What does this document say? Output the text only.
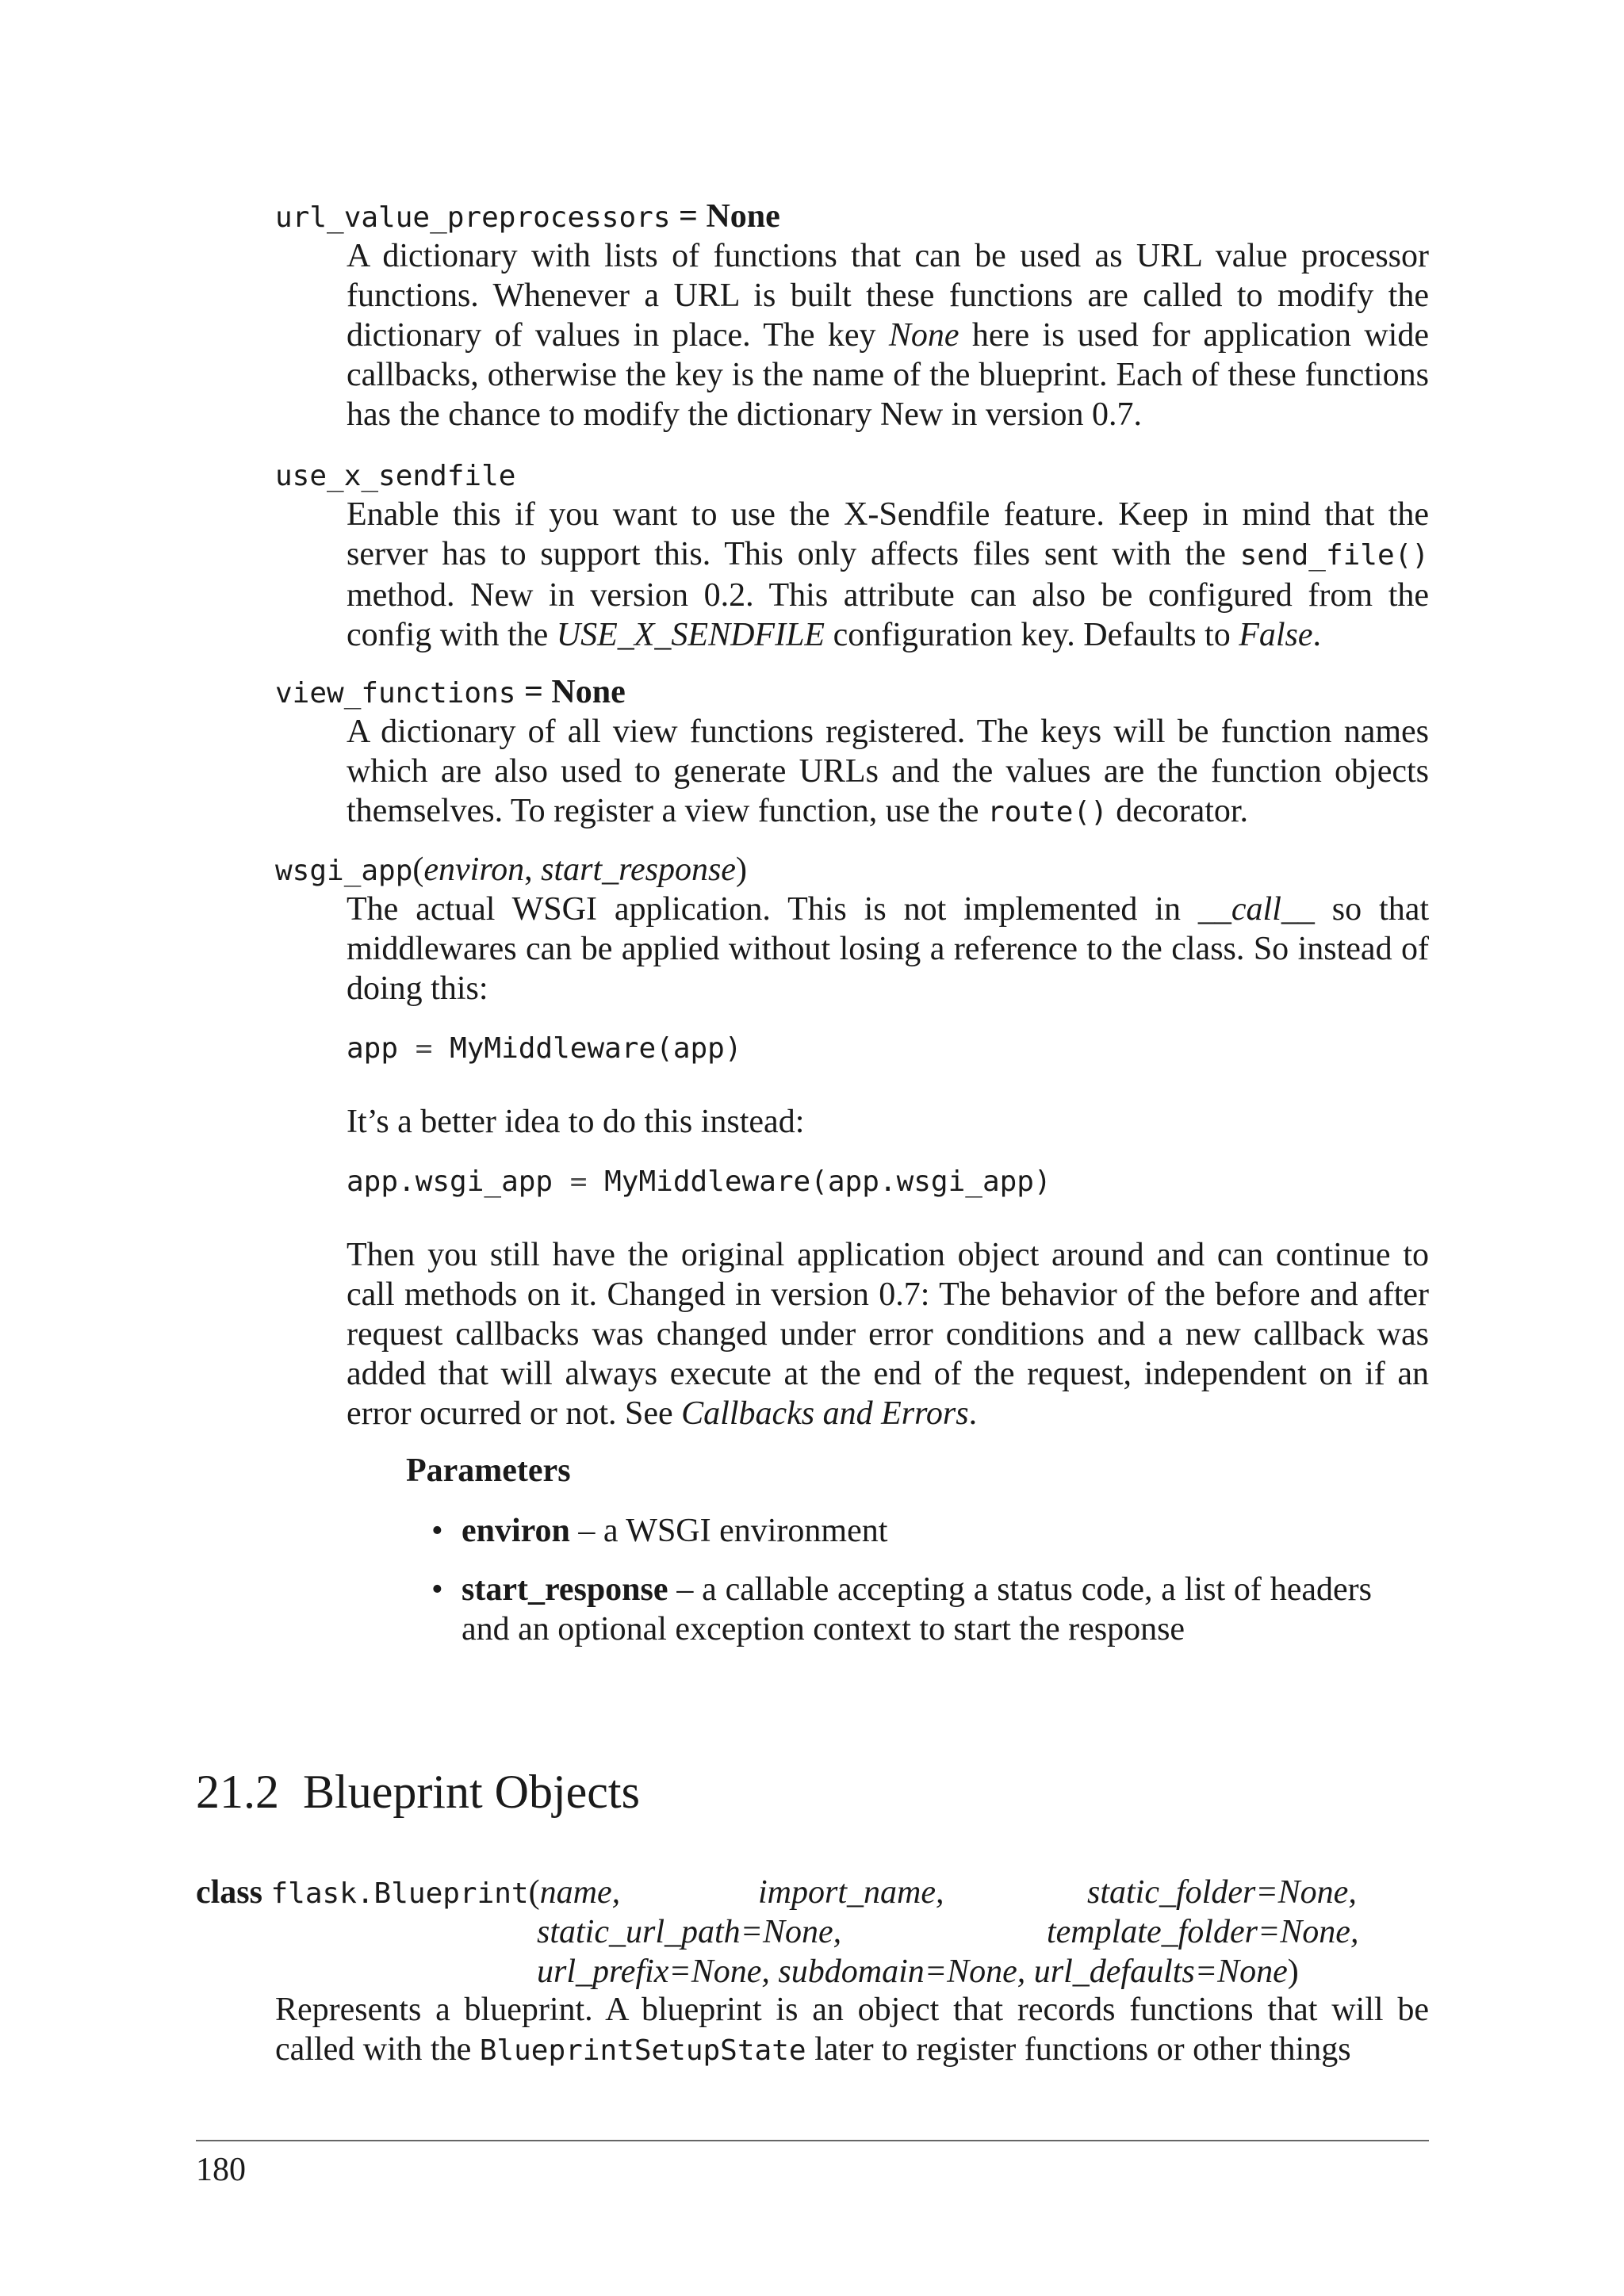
url_value_preprocessors = None

A dictionary with lists of functions that can be used as URL value processor functions. Whenever a URL is built these functions are called to modify the dictionary of values in place. The key None here is used for application wide callbacks, otherwise the key is the name of the blueprint. Each of these functions has the chance to modify the dictionary New in version 0.7.

use_x_sendfile

Enable this if you want to use the X-Sendfile feature. Keep in mind that the server has to support this. This only affects files sent with the send_file() method. New in version 0.2. This attribute can also be configured from the config with the USE_X_SENDFILE configuration key. Defaults to False.

view_functions = None

A dictionary of all view functions registered. The keys will be function names which are also used to generate URLs and the values are the function objects themselves. To register a view function, use the route() decorator.

wsgi_app(environ, start_response)

The actual WSGI application. This is not implemented in __call__ so that middlewares can be applied without losing a reference to the class. So instead of doing this:

app = MyMiddleware(app)

It’s a better idea to do this instead:

app.wsgi_app = MyMiddleware(app.wsgi_app)

Then you still have the original application object around and can continue to call methods on it. Changed in version 0.7: The behavior of the before and after request callbacks was changed under error conditions and a new callback was added that will always execute at the end of the request, independent on if an error ocurred or not. See Callbacks and Errors.

Parameters
• environ – a WSGI environment
• start_response – a callable accepting a status code, a list of headers and an optional exception context to start the response
21.2 Blueprint Objects
class flask.Blueprint(name,	import_name,	static_folder=None,
static_url_path=None,	template_folder=None,
url_prefix=None, subdomain=None, url_defaults=None)

Represents a blueprint. A blueprint is an object that records functions that will be called with the BlueprintSetupState later to register functions or other things

180
